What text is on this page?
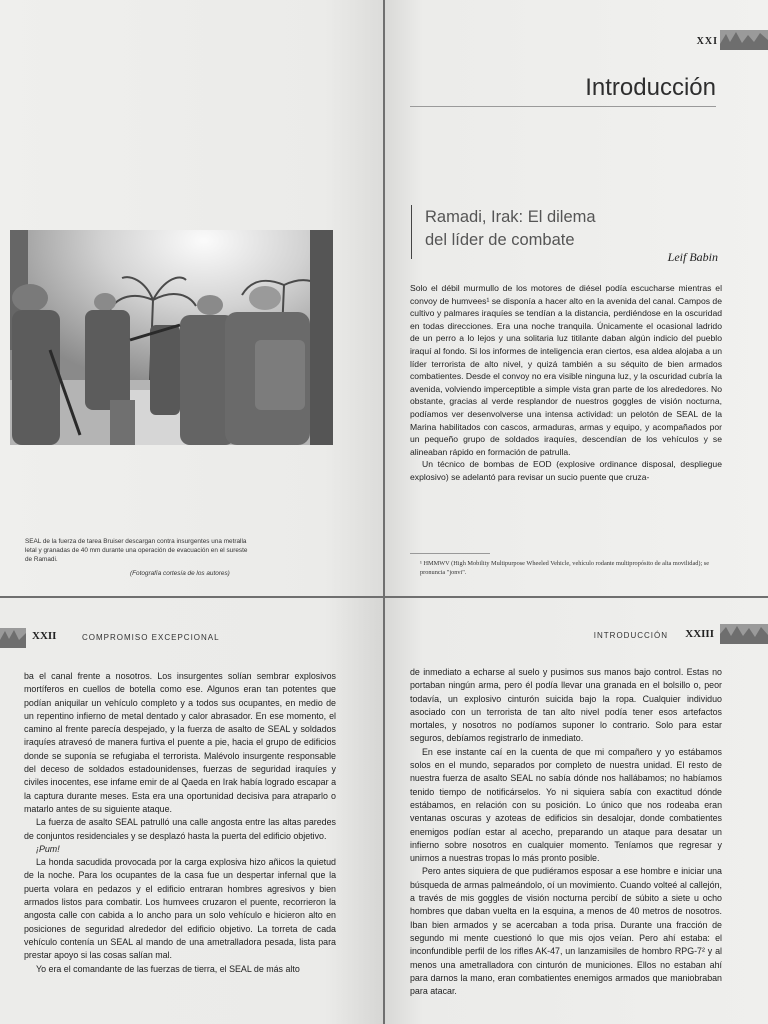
SEAL de la fuerza de tarea Bruiser descargan contra insurgentes una metralla letal y granadas de 40 mm durante una operación de evacuación en el sureste de Ramadi.
(Fotografía cortesía de los autores)
XXI
Introducción
Ramadi, Irak: El dilema
del líder de combate
Leif Babin

Solo el débil murmullo de los motores de diésel podía escucharse mientras el convoy de humvees¹ se disponía a hacer alto en la avenida del canal. Campos de cultivo y palmares iraquíes se tendían a la distancia, perdiéndose en la oscuridad en todas direcciones. Era una noche tranquila. Únicamente el ocasional ladrido de un perro a lo lejos y una solitaria luz titilante daban algún indicio del pueblo iraquí al fondo. Si los informes de inteligencia eran ciertos, esa aldea alojaba a un líder terrorista de alto nivel, y quizá también a su séquito de bien armados combatientes. Desde el convoy no era visible ninguna luz, y la oscuridad cubría la avenida, volviendo imperceptible a simple vista gran parte de los alrededores. No obstante, gracias al verde resplandor de nuestros goggles de visión nocturna, podíamos ver desenvolverse una intensa actividad: un pelotón de SEAL de la Marina habilitados con cascos, armaduras, armas y equipo, y acompañados por un pequeño grupo de soldados iraquíes, descendían de los vehículos y se alineaban rápido en formación de patrulla.

Un técnico de bombas de EOD (explosive ordinance disposal, despliegue explosivo) se adelantó para revisar un sucio puente que cruza-

¹ HMMWV (High Mobility Multipurpose Wheeled Vehicle, vehículo rodante multipropósito de alta movilidad); se pronuncia "jonvi".
XXII	COMPROMISO EXCEPCIONAL

ba el canal frente a nosotros. Los insurgentes solían sembrar explosivos mortíferos en cuellos de botella como ese. Algunos eran tan potentes que podían aniquilar un vehículo completo y a todos sus ocupantes, en medio de un repentino infierno de metal dentado y calor abrasador. En ese momento, el camino al frente parecía despejado, y la fuerza de asalto de SEAL y soldados iraquíes atravesó de manera furtiva el puente a pie, hacia el grupo de edificios donde se suponía se refugiaba el terrorista. Malévolo insurgente responsable del deceso de soldados estadounidenses, fuerzas de seguridad iraquíes y civiles inocentes, ese infame emir de al Qaeda en Irak había logrado escapar a la captura durante meses. Esta era una oportunidad decisiva para atraparlo o matarlo antes de su siguiente ataque.

La fuerza de asalto SEAL patrulló una calle angosta entre las altas paredes de conjuntos residenciales y se desplazó hasta la puerta del edificio objetivo.

¡Pum!

La honda sacudida provocada por la carga explosiva hizo añicos la quietud de la noche. Para los ocupantes de la casa fue un despertar infernal que la puerta volara en pedazos y el edificio entraran hombres agresivos y bien armados listos para combatir. Los humvees cruzaron el puente, recorrieron la angosta calle con cabida a lo ancho para un solo vehículo e hicieron alto en posiciones de seguridad alrededor del edificio objetivo. La torreta de cada vehículo contenía un SEAL al mando de una ametralladora pesada, lista para prestar apoyo si las cosas salían mal.

Yo era el comandante de las fuerzas de tierra, el SEAL de más alto

INTRODUCCIÓN XXIII

de inmediato a echarse al suelo y pusimos sus manos bajo control. Estas no portaban ningún arma, pero él podía llevar una granada en el bolsillo o, peor todavía, un explosivo cinturón suicida bajo la ropa. Cualquier individuo asociado con un terrorista de tan alto nivel podía tener esos artefactos mortales, y nosotros no podíamos suponer lo contrario. Solo para estar seguros, debíamos registrarlo de inmediato.

En ese instante caí en la cuenta de que mi compañero y yo estábamos solos en el mundo, separados por completo de nuestra unidad. El resto de nuestra fuerza de asalto SEAL no sabía dónde nos hallábamos; no habíamos tenido tiempo de notificárselos. Yo ni siquiera sabía con exactitud dónde estábamos, en relación con su posición. Lo único que nos rodeaba eran ventanas oscuras y azoteas de edificios sin desalojar, donde combatientes enemigos podían estar al acecho, preparando un ataque para desatar un infierno sobre nosotros en cualquier momento. Teníamos que regresar y unirnos a nuestras tropas lo más pronto posible.

Pero antes siquiera de que pudiéramos esposar a ese hombre e iniciar una búsqueda de armas palmeándolo, oí un movimiento. Cuando volteé al callejón, a través de mis goggles de visión nocturna percibí de súbito a siete u ocho hombres que daban vuelta en la esquina, a menos de 40 metros de nosotros. Iban bien armados y se acercaban a toda prisa. Durante una fracción de segundo mi mente cuestionó lo que mis ojos veían. Pero ahí estaba: el inconfundible perfil de los rifles AK-47, un lanzamisiles de hombro RPG-7² y al menos una ametralladora con cinturón de municiones. Ellos no estaban ahí para darnos la mano, eran combatientes enemigos armados que maniobraban para atacar.
